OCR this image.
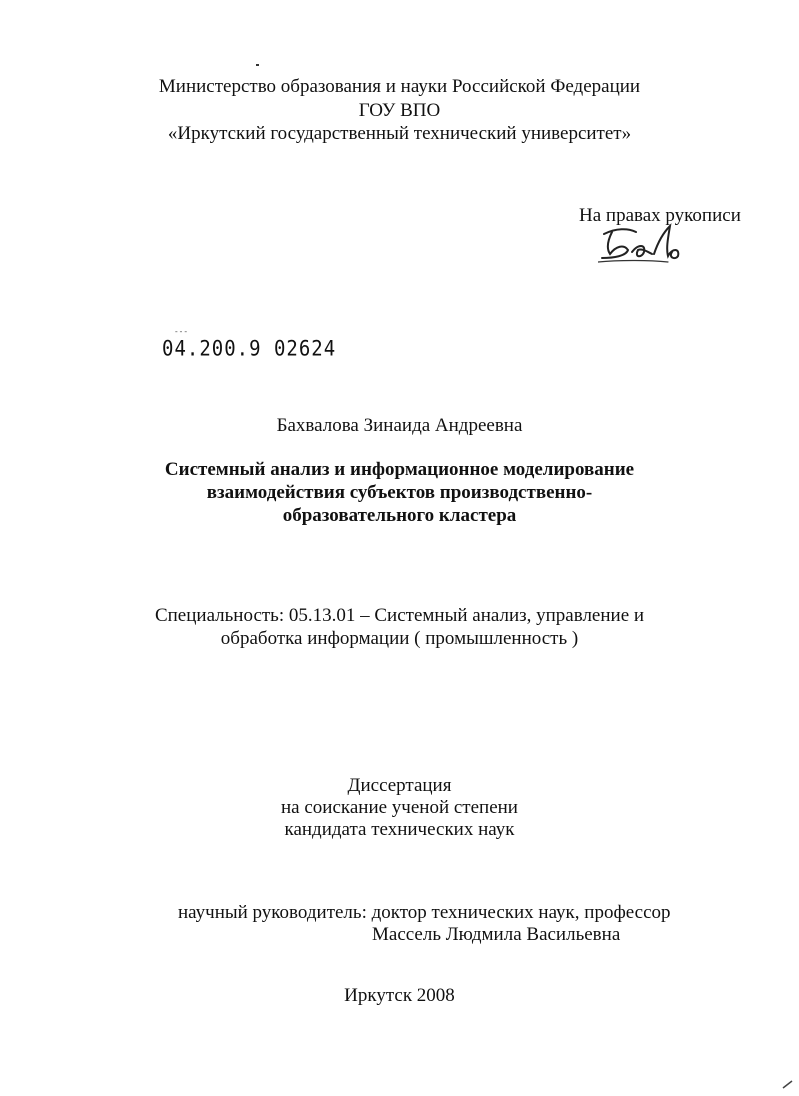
Министерство образования и науки Российской Федерации
ГОУ ВПО
«Иркутский государственный технический университет»
На правах рукописи
‐ ‐ ‐
04.200.9 02624
Бахвалова Зинаида Андреевна
Системный анализ и информационное моделирование
взаимодействия субъектов производственно-
образовательного кластера
Специальность: 05.13.01 – Системный анализ, управление и
обработка информации ( промышленность )
Диссертация
на соискание ученой степени
кандидата технических наук
научный руководитель: доктор технических наук, профессор
Массель Людмила Васильевна
Иркутск 2008
